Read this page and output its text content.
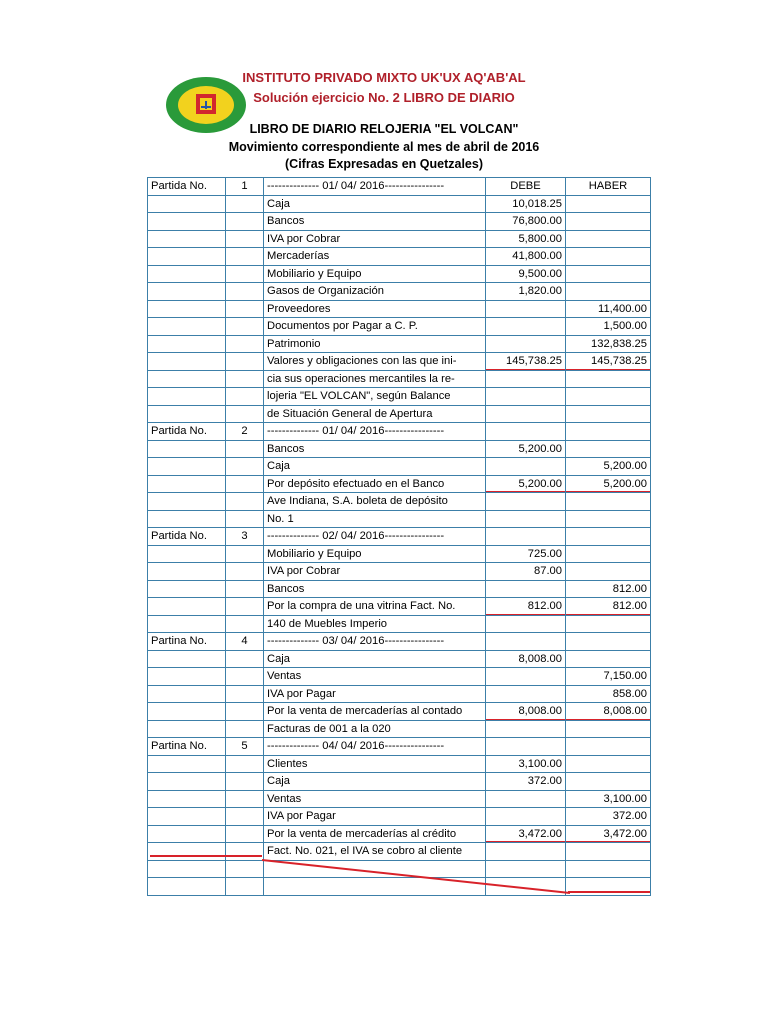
INSTITUTO PRIVADO MIXTO UK'UX AQ'AB'AL
Solución ejercicio No. 2 LIBRO DE DIARIO
LIBRO DE DIARIO RELOJERIA "EL VOLCAN"
Movimiento correspondiente al mes de abril de 2016
(Cifras Expresadas en Quetzales)
Partida No.	1	-------------- 01/ 04/ 2016----------------	DEBE	HABER
		Caja	10,018.25	
		Bancos	76,800.00	
		IVA por Cobrar	5,800.00	
		Mercaderías	41,800.00	
		Mobiliario y Equipo	9,500.00	
		Gasos de Organización	1,820.00	
		Proveedores		11,400.00
		Documentos por Pagar a C. P.		1,500.00
		Patrimonio		132,838.25
		Valores y obligaciones con las que ini-	145,738.25	145,738.25
		cia sus operaciones mercantiles la re-		
		lojeria "EL VOLCAN", según Balance		
		de Situación General de Apertura		
Partida No.	2	-------------- 01/ 04/ 2016----------------		
		Bancos	5,200.00	
		Caja		5,200.00
		Por depósito efectuado en el Banco	5,200.00	5,200.00
		Ave Indiana, S.A. boleta de depósito		
		No. 1		
Partida No.	3	-------------- 02/ 04/ 2016----------------		
		Mobiliario y Equipo	725.00	
		IVA por Cobrar	87.00	
		Bancos		812.00
		Por la compra de una vitrina Fact. No.	812.00	812.00
		140 de Muebles Imperio		
Partina No.	4	-------------- 03/ 04/ 2016----------------		
		Caja	8,008.00	
		Ventas		7,150.00
		IVA por Pagar		858.00
		Por la venta de mercaderías al contado	8,008.00	8,008.00
		Facturas de 001 a la 020		
Partina No.	5	-------------- 04/ 04/ 2016----------------		
		Clientes	3,100.00	
		Caja	372.00	
		Ventas		3,100.00
		IVA por Pagar		372.00
		Por la venta de mercaderías al crédito	3,472.00	3,472.00
		Fact. No. 021, el IVA se cobro al cliente		
